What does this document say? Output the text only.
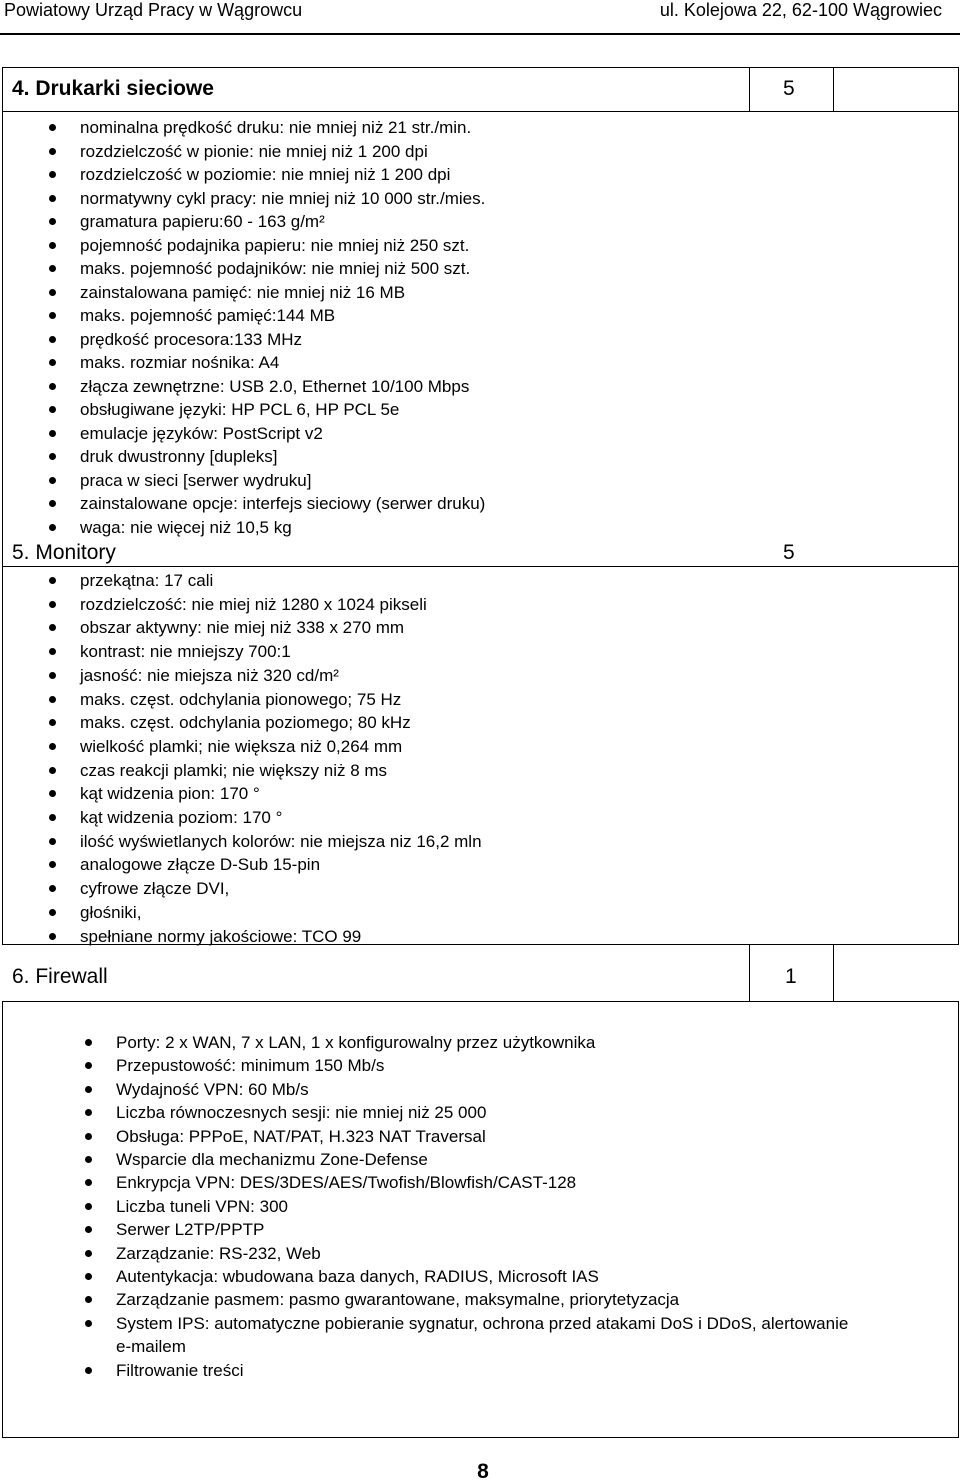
Powiatowy Urząd Pracy w Wągrowcu	ul. Kolejowa 22, 62-100 Wągrowiec
4. Drukarki sieciowe	5
nominalna prędkość druku: nie mniej niż 21 str./min.
rozdzielczość w pionie: nie mniej niż 1 200 dpi
rozdzielczość w poziomie: nie mniej niż 1 200 dpi
normatywny cykl pracy: nie mniej niż 10 000 str./mies.
gramatura papieru:60 - 163 g/m²
pojemność podajnika papieru: nie mniej niż 250 szt.
maks. pojemność podajników: nie mniej niż 500 szt.
zainstalowana pamięć: nie mniej niż 16 MB
maks. pojemność pamięć:144 MB
prędkość procesora:133 MHz
maks. rozmiar nośnika: A4
złącza zewnętrzne: USB 2.0, Ethernet 10/100 Mbps
obsługiwane języki: HP PCL 6, HP PCL 5e
emulacje języków: PostScript v2
druk dwustronny [dupleks]
praca w sieci [serwer wydruku]
zainstalowane opcje: interfejs sieciowy (serwer druku)
waga: nie więcej niż 10,5 kg
5. Monitory	5
przekątna: 17 cali
rozdzielczość: nie miej niż 1280 x 1024 pikseli
obszar aktywny: nie miej niż 338 x 270 mm
kontrast: nie mniejszy 700:1
jasność: nie miejsza niż 320 cd/m²
maks. częst. odchylania pionowego; 75 Hz
maks. częst. odchylania poziomego; 80 kHz
wielkość plamki; nie większa niż 0,264 mm
czas reakcji plamki; nie większy niż 8 ms
kąt widzenia pion: 170 °
kąt widzenia poziom: 170 °
ilość wyświetlanych kolorów: nie miejsza niz 16,2 mln
analogowe złącze D-Sub 15-pin
cyfrowe złącze DVI,
głośniki,
spełniane normy jakościowe: TCO 99
6. Firewall	1
Porty: 2 x WAN, 7 x LAN, 1 x konfigurowalny przez użytkownika
Przepustowość: minimum 150 Mb/s
Wydajność VPN: 60 Mb/s
Liczba równoczesnych sesji: nie mniej niż 25 000
Obsługa: PPPoE, NAT/PAT, H.323 NAT Traversal
Wsparcie dla mechanizmu Zone-Defense
Enkrypcja VPN: DES/3DES/AES/Twofish/Blowfish/CAST-128
Liczba tuneli VPN: 300
Serwer L2TP/PPTP
Zarządzanie: RS-232, Web
Autentykacja: wbudowana baza danych, RADIUS, Microsoft IAS
Zarządzanie pasmem: pasmo gwarantowane, maksymalne, priorytetyzacja
System IPS: automatyczne pobieranie sygnatur, ochrona przed atakami DoS i DDoS, alertowanie
e-mailem
Filtrowanie treści
8
